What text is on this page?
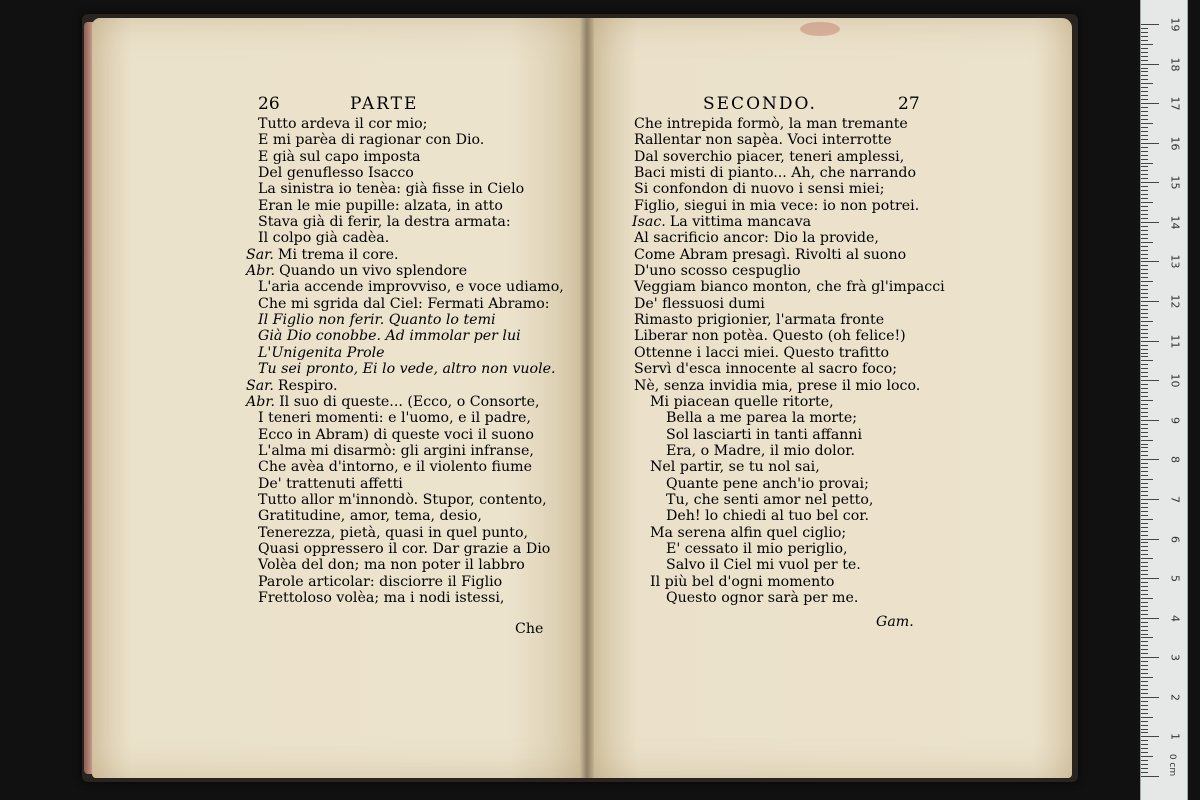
26	PARTE	SECONDO.	27
Tutto ardeva il cor mio;
E mi parèa di ragionar con Dio.
E già sul capo imposta
Del genuflesso Isacco
La sinistra io tenèa: già fisse in Cielo
Eran le mie pupille: alzata, in atto
Stava già di ferir, la destra armata:
Il colpo già cadèa.
Sar. Mi trema il core.
Abr. Quando un vivo splendore
L'aria accende improvviso, e voce udiamo,
Che mi sgrida dal Ciel: Fermati Abramo:
Il Figlio non ferir. Quanto lo temi
Già Dio conobbe. Ad immolar per lui
L'Unigenita Prole
Tu sei pronto, Ei lo vede, altro non vuole.
Sar. Respiro.
Abr. Il suo di queste... (Ecco, o Consorte,
I teneri momenti: e l'uomo, e il padre,
Ecco in Abram) di queste voci il suono
L'alma mi disarmò: gli argini infranse,
Che avèa d'intorno, e il violento fiume
De' trattenuti affetti
Tutto allor m'innondò. Stupor, contento,
Gratitudine, amor, tema, desio,
Tenerezza, pietà, quasi in quel punto,
Quasi oppressero il cor. Dar grazie a Dio
Volèa del don; ma non poter il labbro
Parole articolar: disciorre il Figlio
Frettoloso volèa; ma i nodi istessi,
Che intrepida formò, la man tremante
Rallentar non sapèa. Voci interrotte
Dal soverchio piacer, teneri amplessi,
Baci misti di pianto... Ah, che narrando
Si confondon di nuovo i sensi miei;
Figlio, siegui in mia vece: io non potrei.
Isac. La vittima mancava
Al sacrificio ancor: Dio la provide,
Come Abram presagì. Rivolti al suono
D'uno scosso cespuglio
Veggiam bianco monton, che frà gl'impacci
De' flessuosi dumi
Rimasto prigionier, l'armata fronte
Liberar non potèa. Questo (oh felice!)
Ottenne i lacci miei. Questo trafitto
Servì d'esca innocente al sacro foco;
Nè, senza invidia mia, prese il mio loco.
Mi piacean quelle ritorte,
Bella a me parea la morte;
Sol lasciarti in tanti affanni
Era, o Madre, il mio dolor.
Nel partir, se tu nol sai,
Quante pene anch'io provai;
Tu, che senti amor nel petto,
Deh! lo chiedi al tuo bel cor.
Ma serena alfin quel ciglio;
E' cessato il mio periglio,
Salvo il Ciel mi vuol per te.
Il più bel d'ogni momento
Questo ognor sarà per me.
Che	Gam.
0 cm
19
18
17
16
15
14
13
12
11
10
9
8
7
6
5
4
3
2
1
